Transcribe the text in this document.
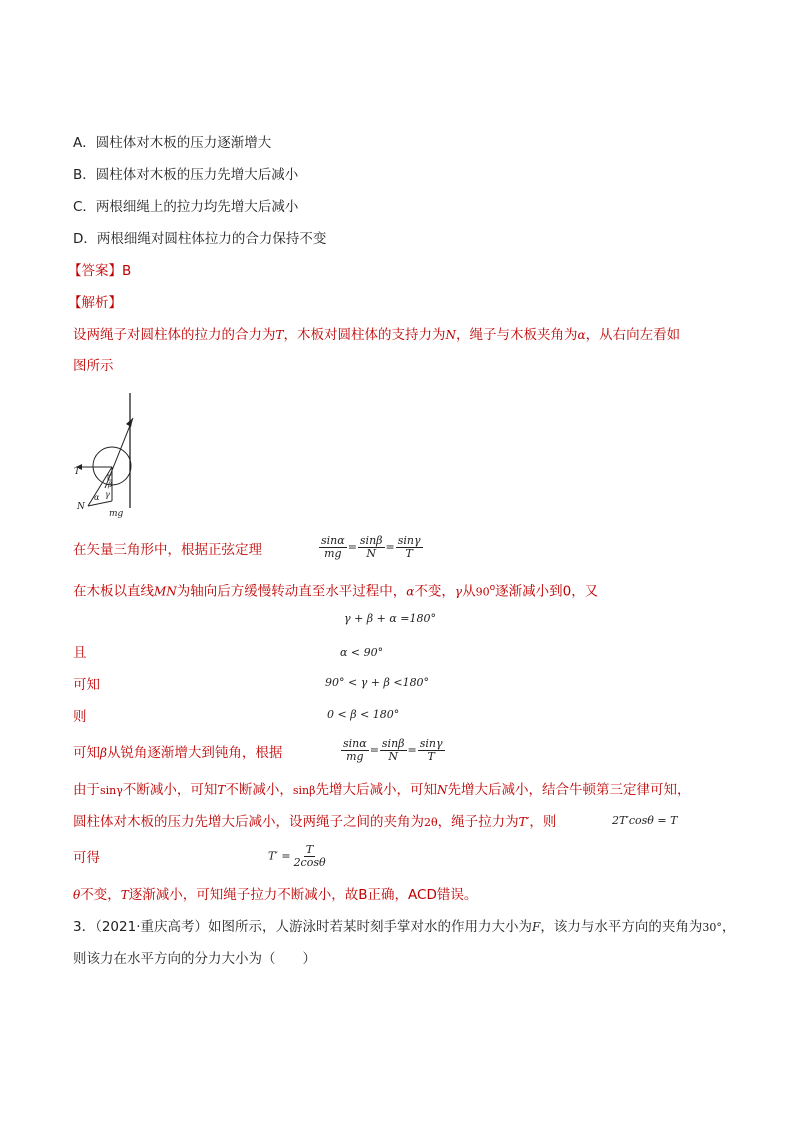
A．圆柱体对木板的压力逐渐增大
B．圆柱体对木板的压力先增大后减小
C．两根细绳上的拉力均先增大后减小
D．两根细绳对圆柱体拉力的合力保持不变
【答案】B
【解析】
设两绳子对圆柱体的拉力的合力为T，木板对圆柱体的支持力为N，绳子与木板夹角为α，从右向左看如
图所示
T
N
mg
α γ
β
在矢量三角形中，根据正弦定理	$\frac{\sin\alpha}{mg} = \frac{\sin\beta}{N} = \frac{\sin\gamma}{T}$
在木板以直线MN为轴向后方缓慢转动直至水平过程中，α不变，γ从90$^o$逐渐减小到0，又
γ + β + α =180°
且	α < 90°
可知	90° < γ + β <180°
则	0 < β < 180°
可知β从锐角逐渐增大到钝角，根据	$\frac{\sin\alpha}{mg} = \frac{\sin\beta}{N} = \frac{\sin\gamma}{T}$
由于sinγ不断减小，可知T不断减小，sinβ先增大后减小，可知N先增大后减小，结合牛顿第三定律可知，
圆柱体对木板的压力先增大后减小，设两绳子之间的夹角为2θ，绳子拉力为T′，则	2T′cosθ = T
可得	$T' = \frac{T}{2\cos\theta}$
θ不变，T逐渐减小，可知绳子拉力不断减小，故B正确，ACD错误。
3．（2021·重庆高考）如图所示，人游泳时若某时刻手掌对水的作用力大小为F，该力与水平方向的夹角为30°，
则该力在水平方向的分力大小为（　　）
